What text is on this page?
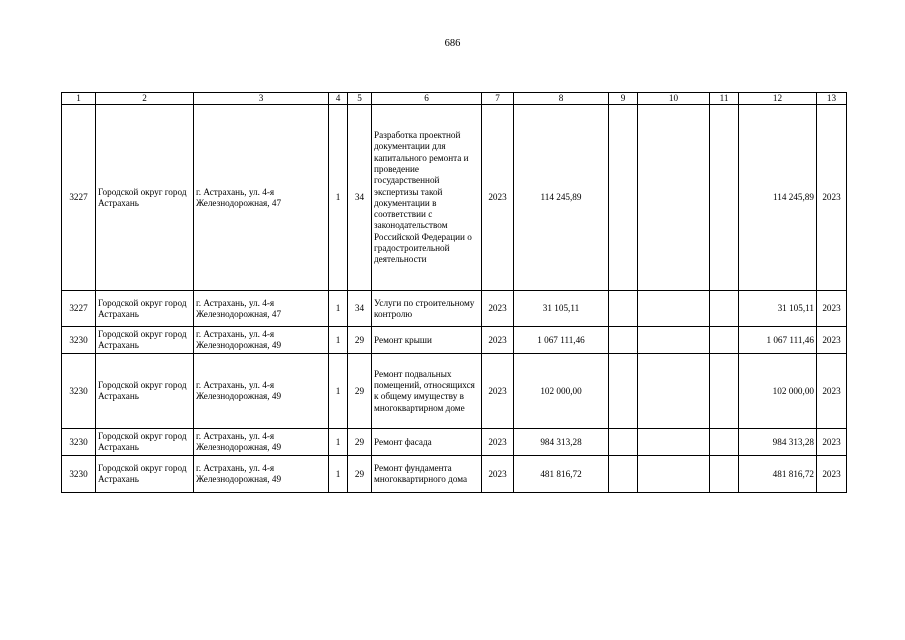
686
1	2	3	4	5	6	7	8	9	10	11	12	13
3227	Городской округ город Астрахань	г. Астрахань, ул. 4-я Железнодорожная, 47	1	34	Разработка проектной документации для капитального ремонта и проведение государственной экспертизы такой документации в соответствии с законодательством Российской Федерации о градостроительной деятельности	2023	114 245,89				114 245,89	2023
3227	Городской округ город Астрахань	г. Астрахань, ул. 4-я Железнодорожная, 47	1	34	Услуги по строительному контролю	2023	31 105,11				31 105,11	2023
3230	Городской округ город Астрахань	г. Астрахань, ул. 4-я Железнодорожная, 49	1	29	Ремонт крыши	2023	1 067 111,46				1 067 111,46	2023
3230	Городской округ город Астрахань	г. Астрахань, ул. 4-я Железнодорожная, 49	1	29	Ремонт подвальных помещений, относящихся к общему имуществу в многоквартирном доме	2023	102 000,00				102 000,00	2023
3230	Городской округ город Астрахань	г. Астрахань, ул. 4-я Железнодорожная, 49	1	29	Ремонт фасада	2023	984 313,28				984 313,28	2023
3230	Городской округ город Астрахань	г. Астрахань, ул. 4-я Железнодорожная, 49	1	29	Ремонт фундамента многоквартирного дома	2023	481 816,72				481 816,72	2023
